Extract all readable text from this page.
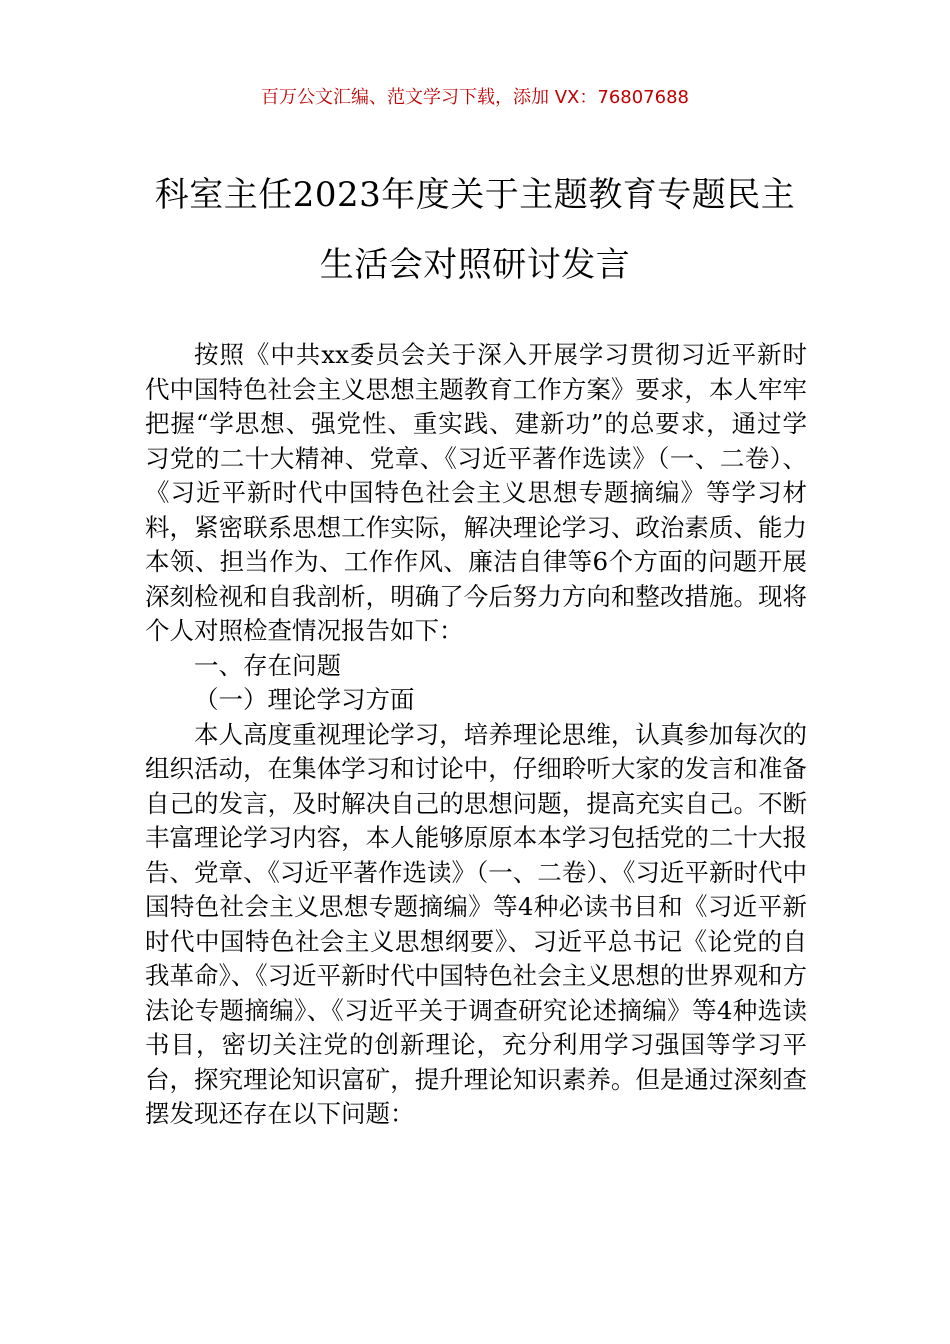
百万公文汇编、范文学习下载，添加 VX：76807688
科室主任2023年度关于主题教育专题民主
生活会对照研讨发言

按照《中共xx委员会关于深入开展学习贯彻习近平新时代中国特色社会主义思想主题教育工作方案》要求，本人牢牢把握“学思想、强党性、重实践、建新功”的总要求，通过学习党的二十大精神、党章、《习近平著作选读》（一、二卷）、《习近平新时代中国特色社会主义思想专题摘编》等学习材料，紧密联系思想工作实际，解决理论学习、政治素质、能力本领、担当作为、工作作风、廉洁自律等6个方面的问题开展深刻检视和自我剖析，明确了今后努力方向和整改措施。现将个人对照检查情况报告如下：

一、存在问题

（一）理论学习方面

本人高度重视理论学习，培养理论思维，认真参加每次的组织活动，在集体学习和讨论中，仔细聆听大家的发言和准备自己的发言，及时解决自己的思想问题，提高充实自己。不断丰富理论学习内容，本人能够原原本本学习包括党的二十大报告、党章、《习近平著作选读》（一、二卷）、《习近平新时代中国特色社会主义思想专题摘编》等4种必读书目和《习近平新时代中国特色社会主义思想纲要》、习近平总书记《论党的自我革命》、《习近平新时代中国特色社会主义思想的世界观和方法论专题摘编》、《习近平关于调查研究论述摘编》等4种选读书目，密切关注党的创新理论，充分利用学习强国等学习平台，探究理论知识富矿，提升理论知识素养。但是通过深刻查摆发现还存在以下问题：
